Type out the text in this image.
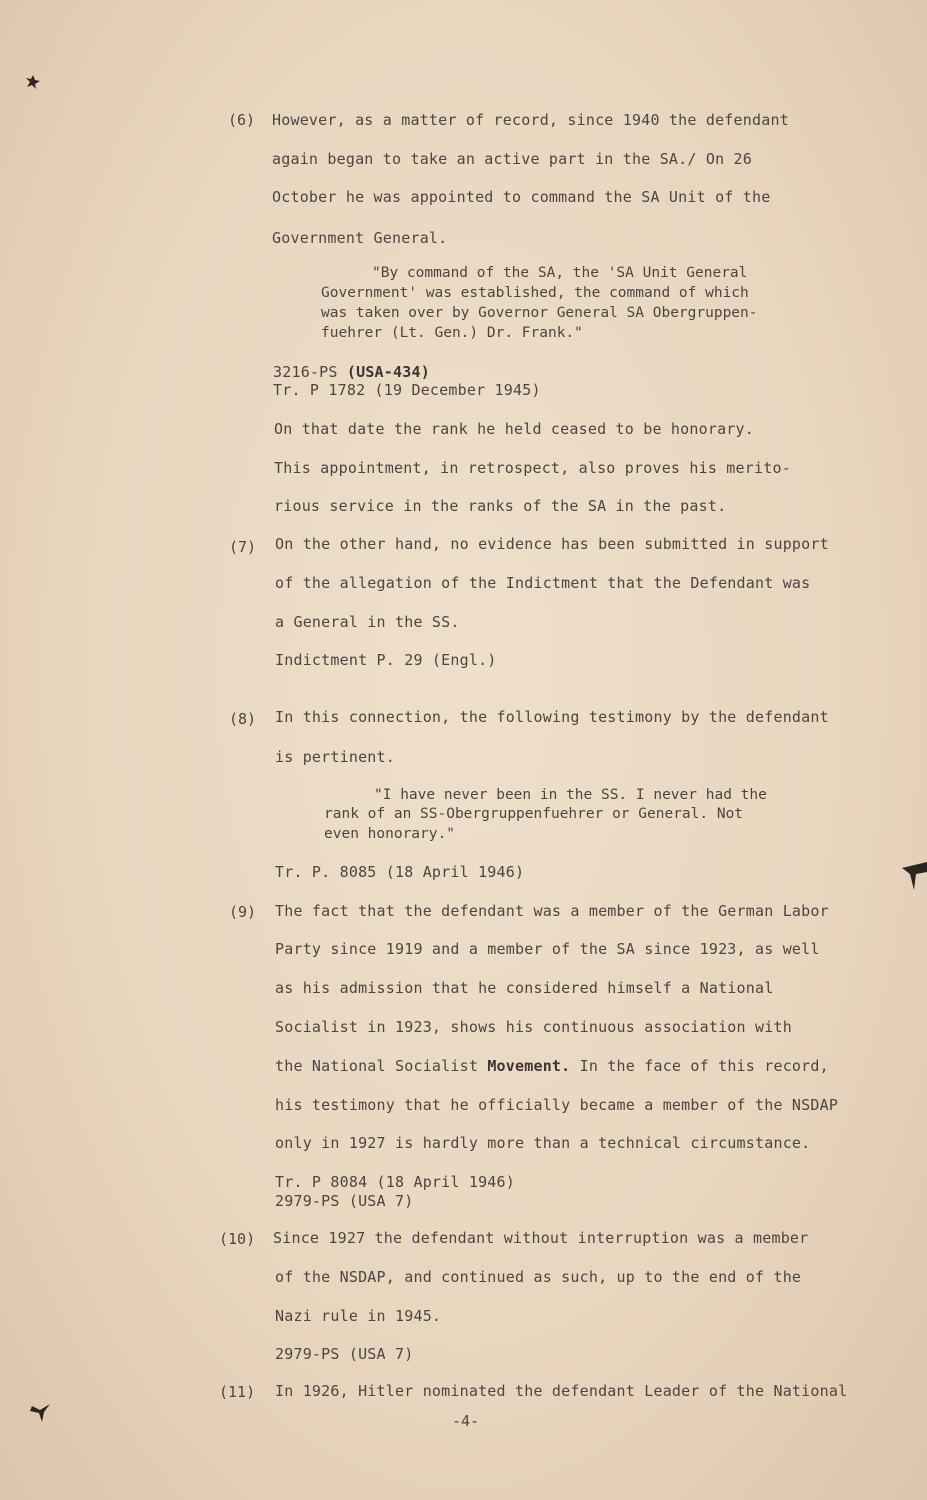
(6) However, as a matter of record, since 1940 the defendant
again began to take an active part in the SA./ On 26
October he was appointed to command the SA Unit of the
Government General.
"By command of the SA, the 'SA Unit General
Government' was established, the command of which
was taken over by Governor General SA Obergruppen-
fuehrer (Lt. Gen.) Dr. Frank."
3216-PS (USA-434)
Tr. P 1782 (19 December 1945)
On that date the rank he held ceased to be honorary.
This appointment, in retrospect, also proves his merito-
rious service in the ranks of the SA in the past.
(7) On the other hand, no evidence has been submitted in support
of the allegation of the Indictment that the Defendant was
a General in the SS.
Indictment P. 29 (Engl.)
(8) In this connection, the following testimony by the defendant
is pertinent.
"I have never been in the SS. I never had the
rank of an SS-Obergruppenfuehrer or General. Not
even honorary."
Tr. P. 8085 (18 April 1946)
(9) The fact that the defendant was a member of the German Labor
Party since 1919 and a member of the SA since 1923, as well
as his admission that he considered himself a National
Socialist in 1923, shows his continuous association with
the National Socialist Movement. In the face of this record,
his testimony that he officially became a member of the NSDAP
only in 1927 is hardly more than a technical circumstance.
Tr. P 8084 (18 April 1946)
2979-PS (USA 7)
(10) Since 1927 the defendant without interruption was a member
of the NSDAP, and continued as such, up to the end of the
Nazi rule in 1945.
2979-PS (USA 7)
(11) In 1926, Hitler nominated the defendant Leader of the National
-4-
